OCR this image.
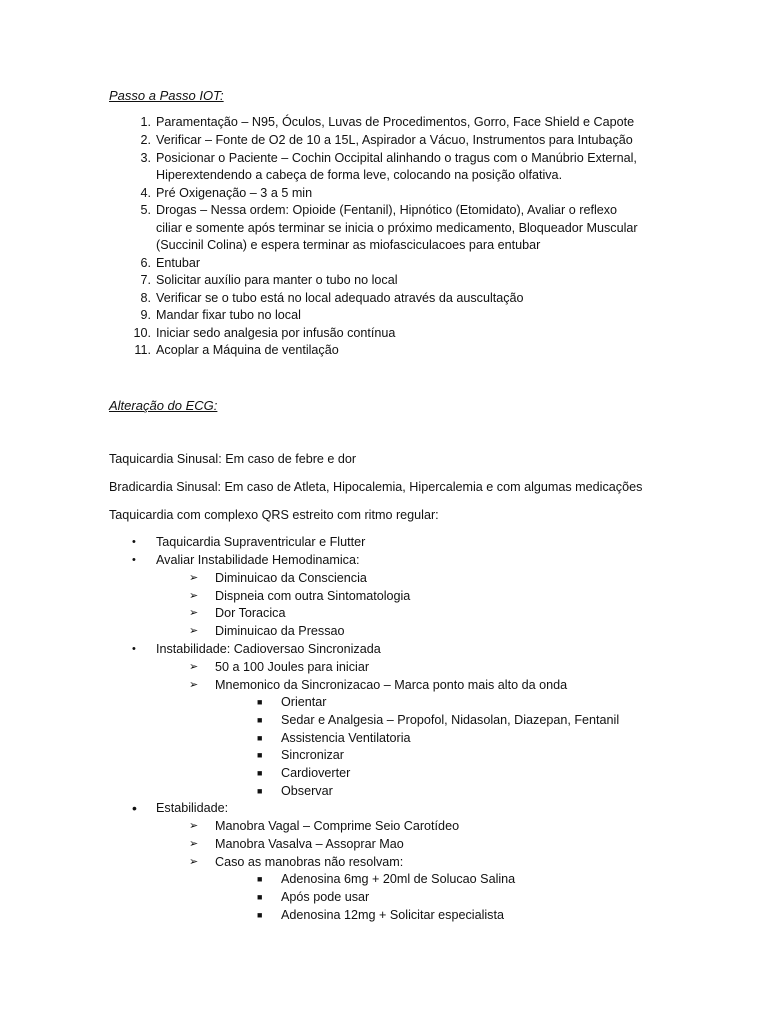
Passo a Passo IOT:
1. Paramentação – N95, Óculos, Luvas de Procedimentos, Gorro, Face Shield e Capote
2. Verificar – Fonte de O2 de 10 a 15L, Aspirador a Vácuo, Instrumentos para Intubação
3. Posicionar o Paciente – Cochin Occipital alinhando o tragus com o Manúbrio External,
Hiperextendendo a cabeça de forma leve, colocando na posição olfativa.
4. Pré Oxigenação – 3 a 5 min
5. Drogas – Nessa ordem: Opioide (Fentanil), Hipnótico (Etomidato), Avaliar o reflexo
ciliar e somente após terminar se inicia o próximo medicamento, Bloqueador Muscular
(Succinil Colina) e espera terminar as miofasciculacoes para entubar
6. Entubar
7. Solicitar auxílio para manter o tubo no local
8. Verificar se o tubo está no local adequado através da auscultação
9. Mandar fixar tubo no local
10. Iniciar sedo analgesia por infusão contínua
11. Acoplar a Máquina de ventilação
Alteração do ECG:
Taquicardia Sinusal: Em caso de febre e dor
Bradicardia Sinusal: Em caso de Atleta, Hipocalemia, Hipercalemia e com algumas medicações
Taquicardia com complexo QRS estreito com ritmo regular:
• Taquicardia Supraventricular e Flutter
• Avaliar Instabilidade Hemodinamica:
➢ Diminuicao da Consciencia
➢ Dispneia com outra Sintomatologia
➢ Dor Toracica
➢ Diminuicao da Pressao
• Instabilidade: Cadioversao Sincronizada
➢ 50 a 100 Joules para iniciar
➢ Mnemonico da Sincronizacao – Marca ponto mais alto da onda
■ Orientar
■ Sedar e Analgesia – Propofol, Nidasolan, Diazepan, Fentanil
■ Assistencia Ventilatoria
■ Sincronizar
■ Cardioverter
■ Observar
• Estabilidade:
➢ Manobra Vagal – Comprime Seio Carotídeo
➢ Manobra Vasalva – Assoprar Mao
➢ Caso as manobras não resolvam:
■ Adenosina 6mg + 20ml de Solucao Salina
■ Após pode usar
■ Adenosina 12mg + Solicitar especialista
